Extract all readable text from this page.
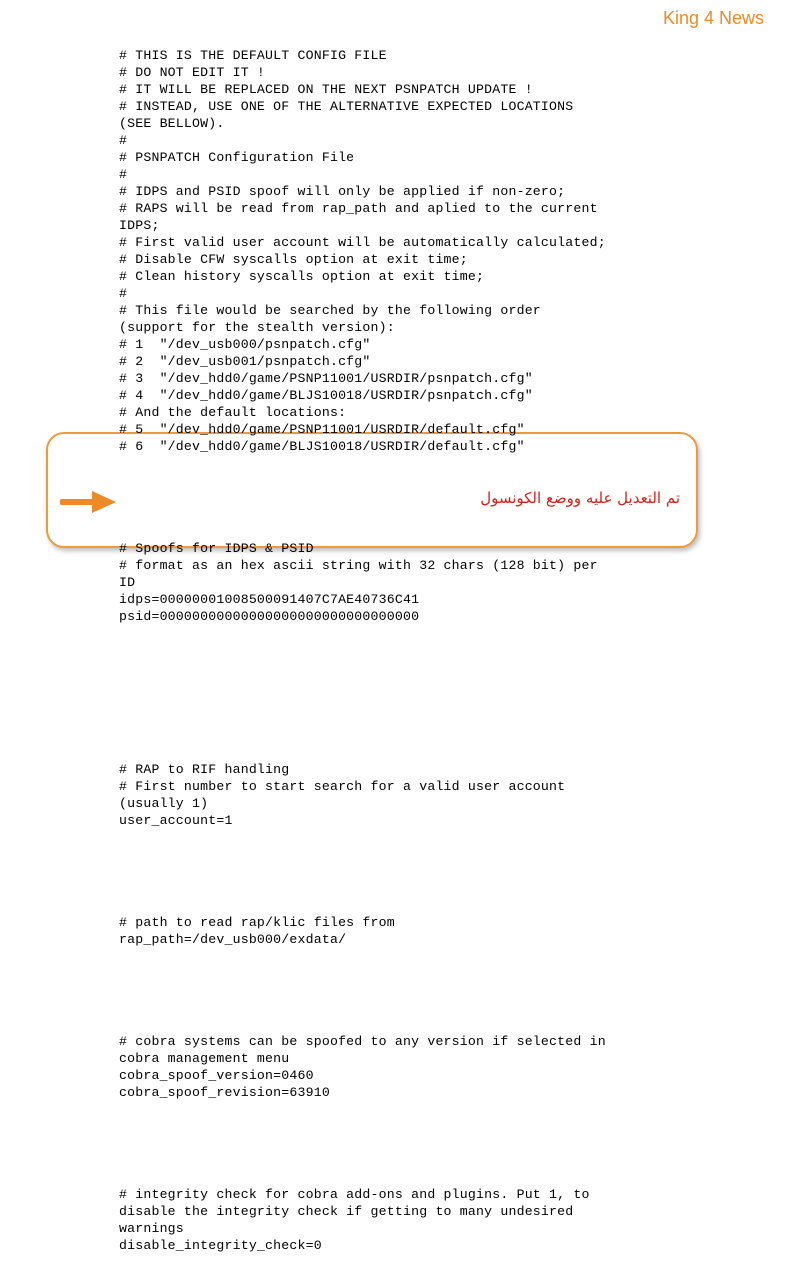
King 4 News
تم التعديل عليه ووضع الكونسول

# THIS IS THE DEFAULT CONFIG FILE
# DO NOT EDIT IT !
# IT WILL BE REPLACED ON THE NEXT PSNPATCH UPDATE !
# INSTEAD, USE ONE OF THE ALTERNATIVE EXPECTED LOCATIONS
(SEE BELLOW).
#
# PSNPATCH Configuration File
#
# IDPS and PSID spoof will only be applied if non-zero;
# RAPS will be read from rap_path and aplied to the current
IDPS;
# First valid user account will be automatically calculated;
# Disable CFW syscalls option at exit time;
# Clean history syscalls option at exit time;
#
# This file would be searched by the following order
(support for the stealth version):
# 1  "/dev_usb000/psnpatch.cfg"
# 2  "/dev_usb001/psnpatch.cfg"
# 3  "/dev_hdd0/game/PSNP11001/USRDIR/psnpatch.cfg"
# 4  "/dev_hdd0/game/BLJS10018/USRDIR/psnpatch.cfg"
# And the default locations:
# 5  "/dev_hdd0/game/PSNP11001/USRDIR/default.cfg"
# 6  "/dev_hdd0/game/BLJS10018/USRDIR/default.cfg"

# Spoofs for IDPS & PSID
# format as an hex ascii string with 32 chars (128 bit) per
ID
idps=00000001008500091407C7AE40736C41
psid=00000000000000000000000000000000

# RAP to RIF handling
# First number to start search for a valid user account
(usually 1)
user_account=1

# path to read rap/klic files from
rap_path=/dev_usb000/exdata/

# cobra systems can be spoofed to any version if selected in
cobra management menu
cobra_spoof_version=0460
cobra_spoof_revision=63910

# integrity check for cobra add-ons and plugins. Put 1, to
disable the integrity check if getting to many undesired
warnings
disable_integrity_check=0
